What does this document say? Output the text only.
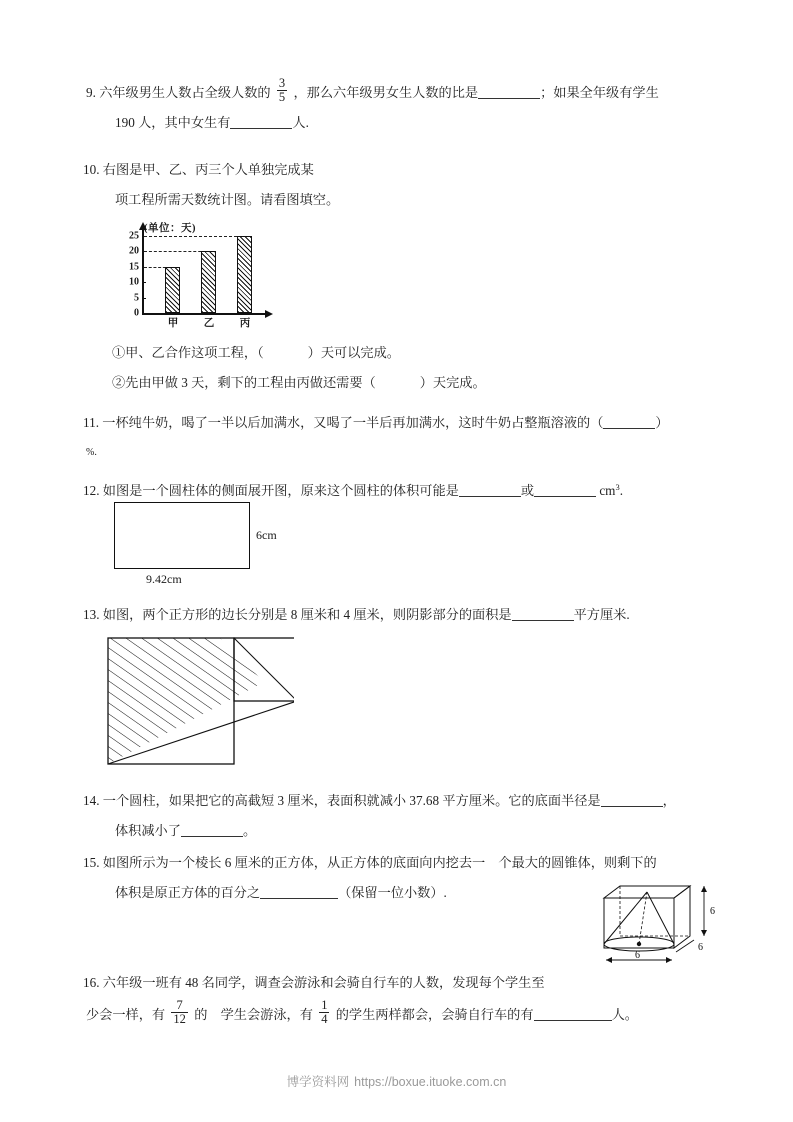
9. 六年级男生人数占全级人数的 $\frac{3}{5}$ ，那么六年级男女生人数的比是	；如果全年级有学生
190 人，其中女生有	人.
10. 右图是甲、乙、丙三个人单独完成某
项工程所需天数统计图。请看图填空。
(单位：天)
0
5
10
15
20
25
甲 乙 丙
①甲、乙合作这项工程，（	）天可以完成。
②先由甲做 3 天，剩下的工程由丙做还需要（	）天完成。
11. 一杯纯牛奶，喝了一半以后加满水，又喝了一半后再加满水，这时牛奶占整瓶溶液的（	）
%.
12. 如图是一个圆柱体的侧面展开图，原来这个圆柱的体积可能是	或	$cm^3$.
6cm
9.42cm
13. 如图，两个正方形的边长分别是 8 厘米和 4 厘米，则阴影部分的面积是	平方厘米.
14. 一个圆柱，如果把它的高截短 3 厘米，表面积就减小 37.68 平方厘米。它的底面半径是	，
体积减小了	。
15. 如图所示为一个棱长 6 厘米的正方体，从正方体的底面向内挖去一　个最大的圆锥体，则剩下的
体积是原正方体的百分之	（保留一位小数）.
6
6
6
16. 六年级一班有 48 名同学，调查会游泳和会骑自行车的人数，发现每个学生至
少会一样，有 $\frac{7}{12}$ 的　学生会游泳，有 $\frac{1}{4}$ 的学生两样都会，会骑自行车的有	人。
博学资料网 https://boxue.ituoke.com.cn
